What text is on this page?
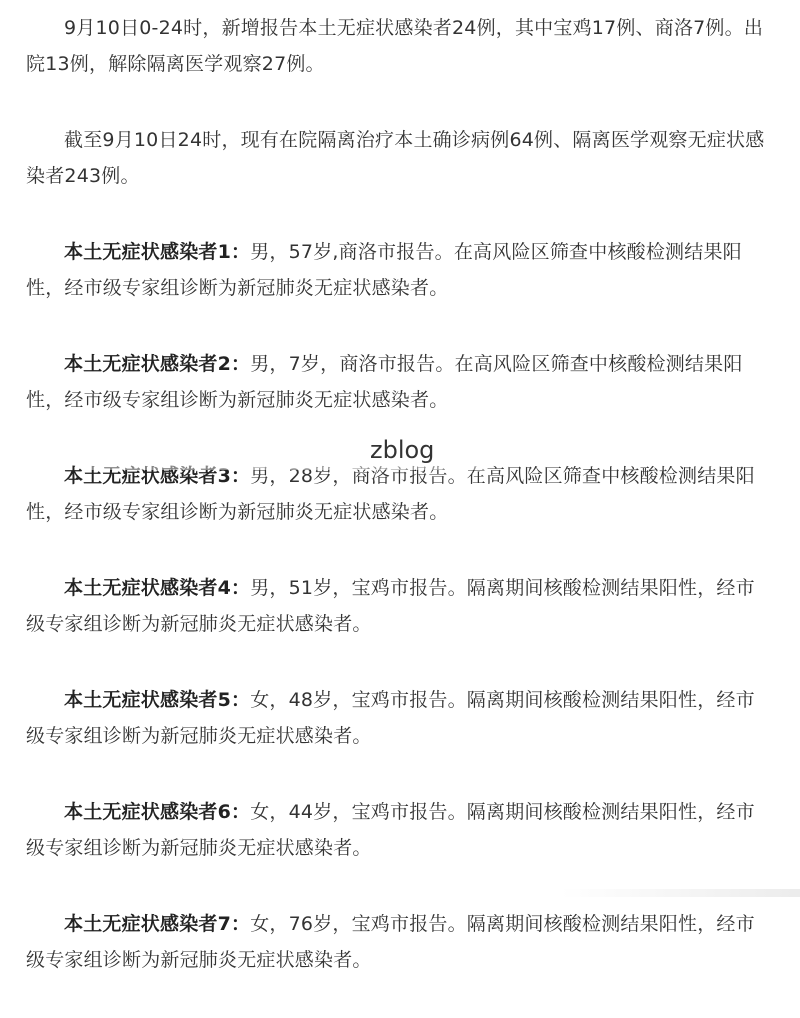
9月10日0-24时，新增报告本土无症状感染者24例，其中宝鸡17例、商洛7例。出院13例，解除隔离医学观察27例。

截至9月10日24时，现有在院隔离治疗本土确诊病例64例、隔离医学观察无症状感染者243例。

本土无症状感染者1：男，57岁,商洛市报告。在高风险区筛查中核酸检测结果阳性，经市级专家组诊断为新冠肺炎无症状感染者。

本土无症状感染者2：男，7岁，商洛市报告。在高风险区筛查中核酸检测结果阳性，经市级专家组诊断为新冠肺炎无症状感染者。

本土无症状感染者3：男，28岁，商洛市报告。在高风险区筛查中核酸检测结果阳性，经市级专家组诊断为新冠肺炎无症状感染者。

本土无症状感染者4：男，51岁，宝鸡市报告。隔离期间核酸检测结果阳性，经市级专家组诊断为新冠肺炎无症状感染者。

本土无症状感染者5：女，48岁，宝鸡市报告。隔离期间核酸检测结果阳性，经市级专家组诊断为新冠肺炎无症状感染者。

本土无症状感染者6：女，44岁，宝鸡市报告。隔离期间核酸检测结果阳性，经市级专家组诊断为新冠肺炎无症状感染者。

本土无症状感染者7：女，76岁，宝鸡市报告。隔离期间核酸检测结果阳性，经市级专家组诊断为新冠肺炎无症状感染者。

zblog
